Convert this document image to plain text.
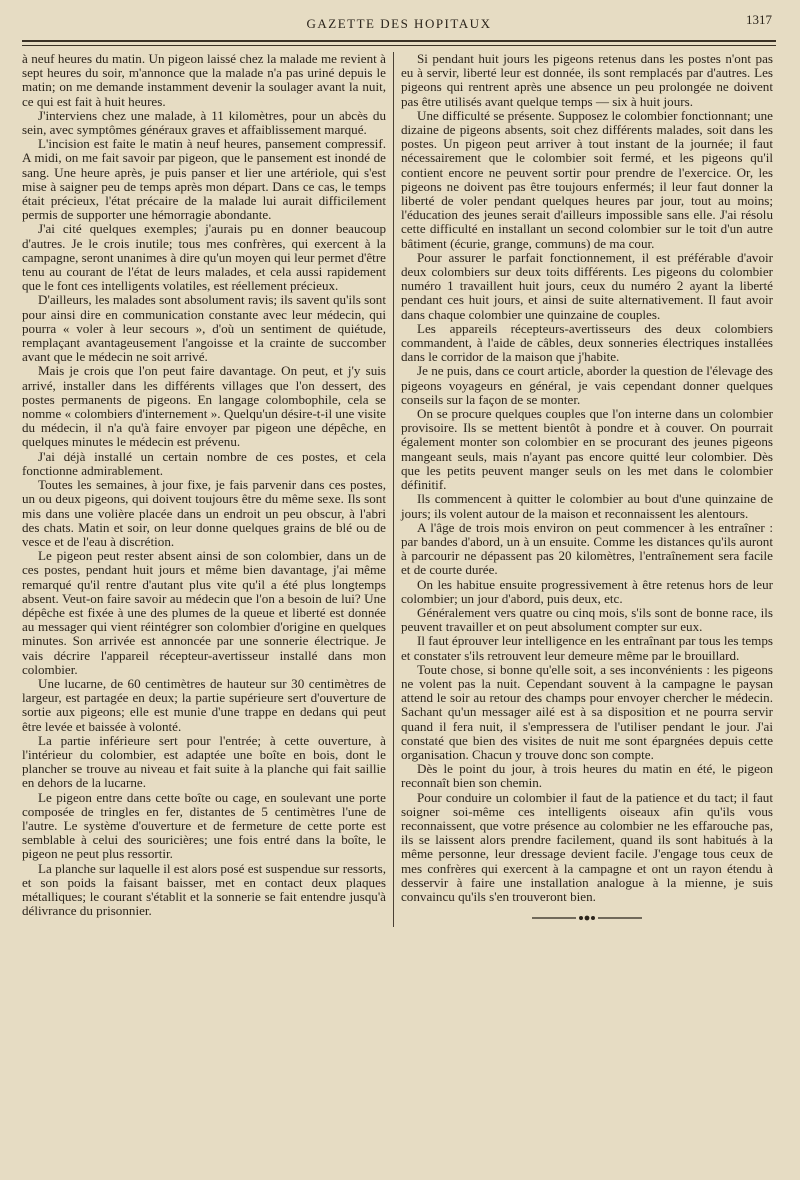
GAZETTE DES HOPITAUX	1317

à neuf heures du matin. Un pigeon laissé chez la malade me revient à sept heures du soir, m'annonce que la malade n'a pas uriné depuis le matin; on me demande instamment devenir la soulager avant la nuit, ce qui est fait à huit heures.

J'interviens chez une malade, à 11 kilomètres, pour un abcès du sein, avec symptômes généraux graves et affaiblissement marqué.

L'incision est faite le matin à neuf heures, pansement compressif. A midi, on me fait savoir par pigeon, que le pansement est inondé de sang. Une heure après, je puis panser et lier une artériole, qui s'est mise à saigner peu de temps après mon départ. Dans ce cas, le temps était précieux, l'état précaire de la malade lui aurait difficilement permis de supporter une hémorragie abondante.

J'ai cité quelques exemples; j'aurais pu en donner beaucoup d'autres. Je le crois inutile; tous mes confrères, qui exercent à la campagne, seront unanimes à dire qu'un moyen qui leur permet d'être tenu au courant de l'état de leurs malades, et cela aussi rapidement que le font ces intelligents volatiles, est réellement précieux.

D'ailleurs, les malades sont absolument ravis; ils savent qu'ils sont pour ainsi dire en communication constante avec leur médecin, qui pourra « voler à leur secours », d'où un sentiment de quiétude, remplaçant avantageusement l'angoisse et la crainte de succomber avant que le médecin ne soit arrivé.

Mais je crois que l'on peut faire davantage. On peut, et j'y suis arrivé, installer dans les différents villages que l'on dessert, des postes permanents de pigeons. En langage colombophile, cela se nomme « colombiers d'internement ». Quelqu'un désire-t-il une visite du médecin, il n'a qu'à faire envoyer par pigeon une dépêche, en quelques minutes le médecin est prévenu.

J'ai déjà installé un certain nombre de ces postes, et cela fonctionne admirablement.

Toutes les semaines, à jour fixe, je fais parvenir dans ces postes, un ou deux pigeons, qui doivent toujours être du même sexe. Ils sont mis dans une volière placée dans un endroit un peu obscur, à l'abri des chats. Matin et soir, on leur donne quelques grains de blé ou de vesce et de l'eau à discrétion.

Le pigeon peut rester absent ainsi de son colombier, dans un de ces postes, pendant huit jours et même bien davantage, j'ai même remarqué qu'il rentre d'autant plus vite qu'il a été plus longtemps absent. Veut-on faire savoir au médecin que l'on a besoin de lui? Une dépêche est fixée à une des plumes de la queue et liberté est donnée au messager qui vient réintégrer son colombier d'origine en quelques minutes. Son arrivée est annoncée par une sonnerie électrique. Je vais décrire l'appareil récepteur-avertisseur installé dans mon colombier.

Une lucarne, de 60 centimètres de hauteur sur 30 centimètres de largeur, est partagée en deux; la partie supérieure sert d'ouverture de sortie aux pigeons; elle est munie d'une trappe en dedans qui peut être levée et baissée à volonté.

La partie inférieure sert pour l'entrée; à cette ouverture, à l'intérieur du colombier, est adaptée une boîte en bois, dont le plancher se trouve au niveau et fait suite à la planche qui fait saillie en dehors de la lucarne.

Le pigeon entre dans cette boîte ou cage, en soulevant une porte composée de tringles en fer, distantes de 5 centimètres l'une de l'autre. Le système d'ouverture et de fermeture de cette porte est semblable à celui des souricières; une fois entré dans la boîte, le pigeon ne peut plus ressortir.

La planche sur laquelle il est alors posé est suspendue sur ressorts, et son poids la faisant baisser, met en contact deux plaques métalliques; le courant s'établit et la sonnerie se fait entendre jusqu'à délivrance du prisonnier.

Si pendant huit jours les pigeons retenus dans les postes n'ont pas eu à servir, liberté leur est donnée, ils sont remplacés par d'autres. Les pigeons qui rentrent après une absence un peu prolongée ne doivent pas être utilisés avant quelque temps — six à huit jours.

Une difficulté se présente. Supposez le colombier fonctionnant; une dizaine de pigeons absents, soit chez différents malades, soit dans les postes. Un pigeon peut arriver à tout instant de la journée; il faut nécessairement que le colombier soit fermé, et les pigeons qu'il contient encore ne peuvent sortir pour prendre de l'exercice. Or, les pigeons ne doivent pas être toujours enfermés; il leur faut donner la liberté de voler pendant quelques heures par jour, tout au moins; l'éducation des jeunes serait d'ailleurs impossible sans elle. J'ai résolu cette difficulté en installant un second colombier sur le toit d'un autre bâtiment (écurie, grange, communs) de ma cour.

Pour assurer le parfait fonctionnement, il est préférable d'avoir deux colombiers sur deux toits différents. Les pigeons du colombier numéro 1 travaillent huit jours, ceux du numéro 2 ayant la liberté pendant ces huit jours, et ainsi de suite alternativement. Il faut avoir dans chaque colombier une quinzaine de couples.

Les appareils récepteurs-avertisseurs des deux colombiers commandent, à l'aide de câbles, deux sonneries électriques installées dans le corridor de la maison que j'habite.

Je ne puis, dans ce court article, aborder la question de l'élevage des pigeons voyageurs en général, je vais cependant donner quelques conseils sur la façon de se monter.

On se procure quelques couples que l'on interne dans un colombier provisoire. Ils se mettent bientôt à pondre et à couver. On pourrait également monter son colombier en se procurant des jeunes pigeons mangeant seuls, mais n'ayant pas encore quitté leur colombier. Dès que les petits peuvent manger seuls on les met dans le colombier définitif.

Ils commencent à quitter le colombier au bout d'une quinzaine de jours; ils volent autour de la maison et reconnaissent les alentours.

A l'âge de trois mois environ on peut commencer à les entraîner : par bandes d'abord, un à un ensuite. Comme les distances qu'ils auront à parcourir ne dépassent pas 20 kilomètres, l'entraînement sera facile et de courte durée.

On les habitue ensuite progressivement à être retenus hors de leur colombier; un jour d'abord, puis deux, etc.

Généralement vers quatre ou cinq mois, s'ils sont de bonne race, ils peuvent travailler et on peut absolument compter sur eux.

Il faut éprouver leur intelligence en les entraînant par tous les temps et constater s'ils retrouvent leur demeure même par le brouillard.

Toute chose, si bonne qu'elle soit, a ses inconvénients : les pigeons ne volent pas la nuit. Cependant souvent à la campagne le paysan attend le soir au retour des champs pour envoyer chercher le médecin. Sachant qu'un messager ailé est à sa disposition et ne pourra servir quand il fera nuit, il s'empressera de l'utiliser pendant le jour. J'ai constaté que bien des visites de nuit me sont épargnées depuis cette organisation. Chacun y trouve donc son compte.

Dès le point du jour, à trois heures du matin en été, le pigeon reconnaît bien son chemin.

Pour conduire un colombier il faut de la patience et du tact; il faut soigner soi-même ces intelligents oiseaux afin qu'ils vous reconnaissent, que votre présence au colombier ne les effarouche pas, ils se laissent alors prendre facilement, quand ils sont habitués à la même personne, leur dressage devient facile. J'engage tous ceux de mes confrères qui exercent à la campagne et ont un rayon étendu à desservir à faire une installation analogue à la mienne, je suis convaincu qu'ils s'en trouveront bien.
